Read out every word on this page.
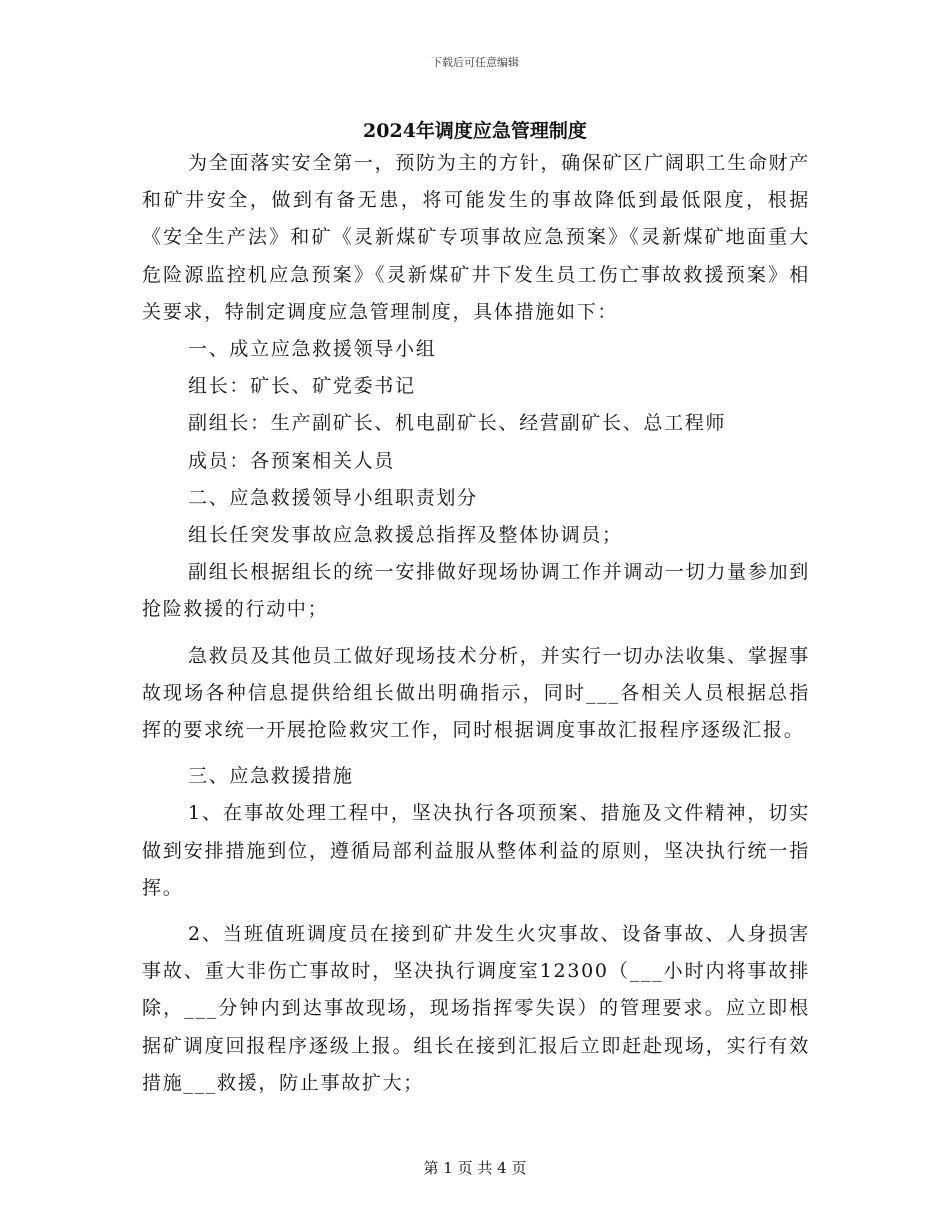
下载后可任意编辑
2024年调度应急管理制度

为全面落实安全第一，预防为主的方针，确保矿区广阔职工生命财产和矿井安全，做到有备无患，将可能发生的事故降低到最低限度，根据《安全生产法》和矿《灵新煤矿专项事故应急预案》《灵新煤矿地面重大危险源监控机应急预案》《灵新煤矿井下发生员工伤亡事故救援预案》相关要求，特制定调度应急管理制度，具体措施如下：

一、成立应急救援领导小组

组长：矿长、矿党委书记

副组长：生产副矿长、机电副矿长、经营副矿长、总工程师

成员：各预案相关人员

二、应急救援领导小组职责划分

组长任突发事故应急救援总指挥及整体协调员；

副组长根据组长的统一安排做好现场协调工作并调动一切力量参加到抢险救援的行动中；

急救员及其他员工做好现场技术分析，并实行一切办法收集、掌握事故现场各种信息提供给组长做出明确指示，同时___各相关人员根据总指挥的要求统一开展抢险救灾工作，同时根据调度事故汇报程序逐级汇报。

三、应急救援措施

1、在事故处理工程中，坚决执行各项预案、措施及文件精神，切实做到安排措施到位，遵循局部利益服从整体利益的原则，坚决执行统一指挥。

2、当班值班调度员在接到矿井发生火灾事故、设备事故、人身损害事故、重大非伤亡事故时，坚决执行调度室12300（___小时内将事故排除，___分钟内到达事故现场，现场指挥零失误）的管理要求。应立即根据矿调度回报程序逐级上报。组长在接到汇报后立即赶赴现场，实行有效措施___救援，防止事故扩大；

第 1 页 共 4 页
